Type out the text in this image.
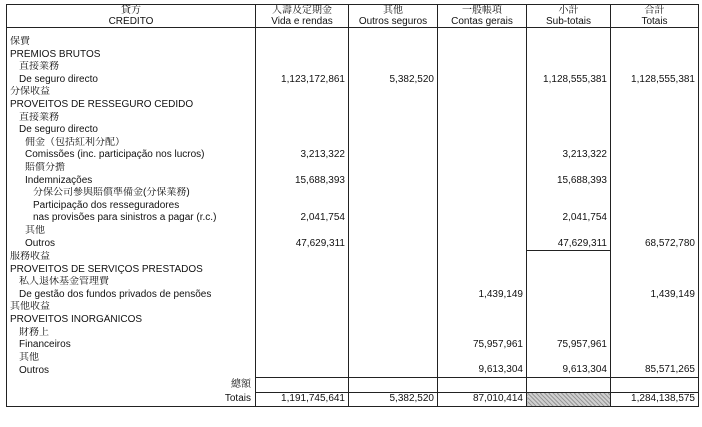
貸方	人壽及定期金	其他	一般帳項	小計	合計
CRÉDITO	Vida e rendas	Outros seguros	Contas gerais	Sub-totais	Totais

保費					
PRÉMIOS BRUTOS					
直接業務					
De seguro directo	1,123,172,861	5,382,520		1,128,555,381	1,128,555,381
分保收益					
PROVEITOS DE RESSEGURO CEDIDO					
直接業務					
De seguro directo					
佣金（包括紅利分配）					
Comissões (inc. participação nos lucros)	3,213,322			3,213,322	
賠償分擔					
Indemnizações	15,688,393			15,688,393	
分保公司參與賠償準備金(分保業務)					
Participação dos resseguradores					
nas provisões para sinistros a pagar (r.c.)	2,041,754			2,041,754	
其他					
Outros	47,629,311			47,629,311	68,572,780
服務收益					
PROVEITOS DE SERVIÇOS PRESTADOS					
私人退休基金管理費					
De gestão dos fundos privados de pensões			1,439,149		1,439,149
其他收益					
PROVEITOS INORGÂNICOS					
財務上					
Financeiros			75,957,961	75,957,961	
其他					
Outros			9,613,304	9,613,304	85,571,265
總額					
Totais	1,191,745,641	5,382,520	87,010,414		1,284,138,575
